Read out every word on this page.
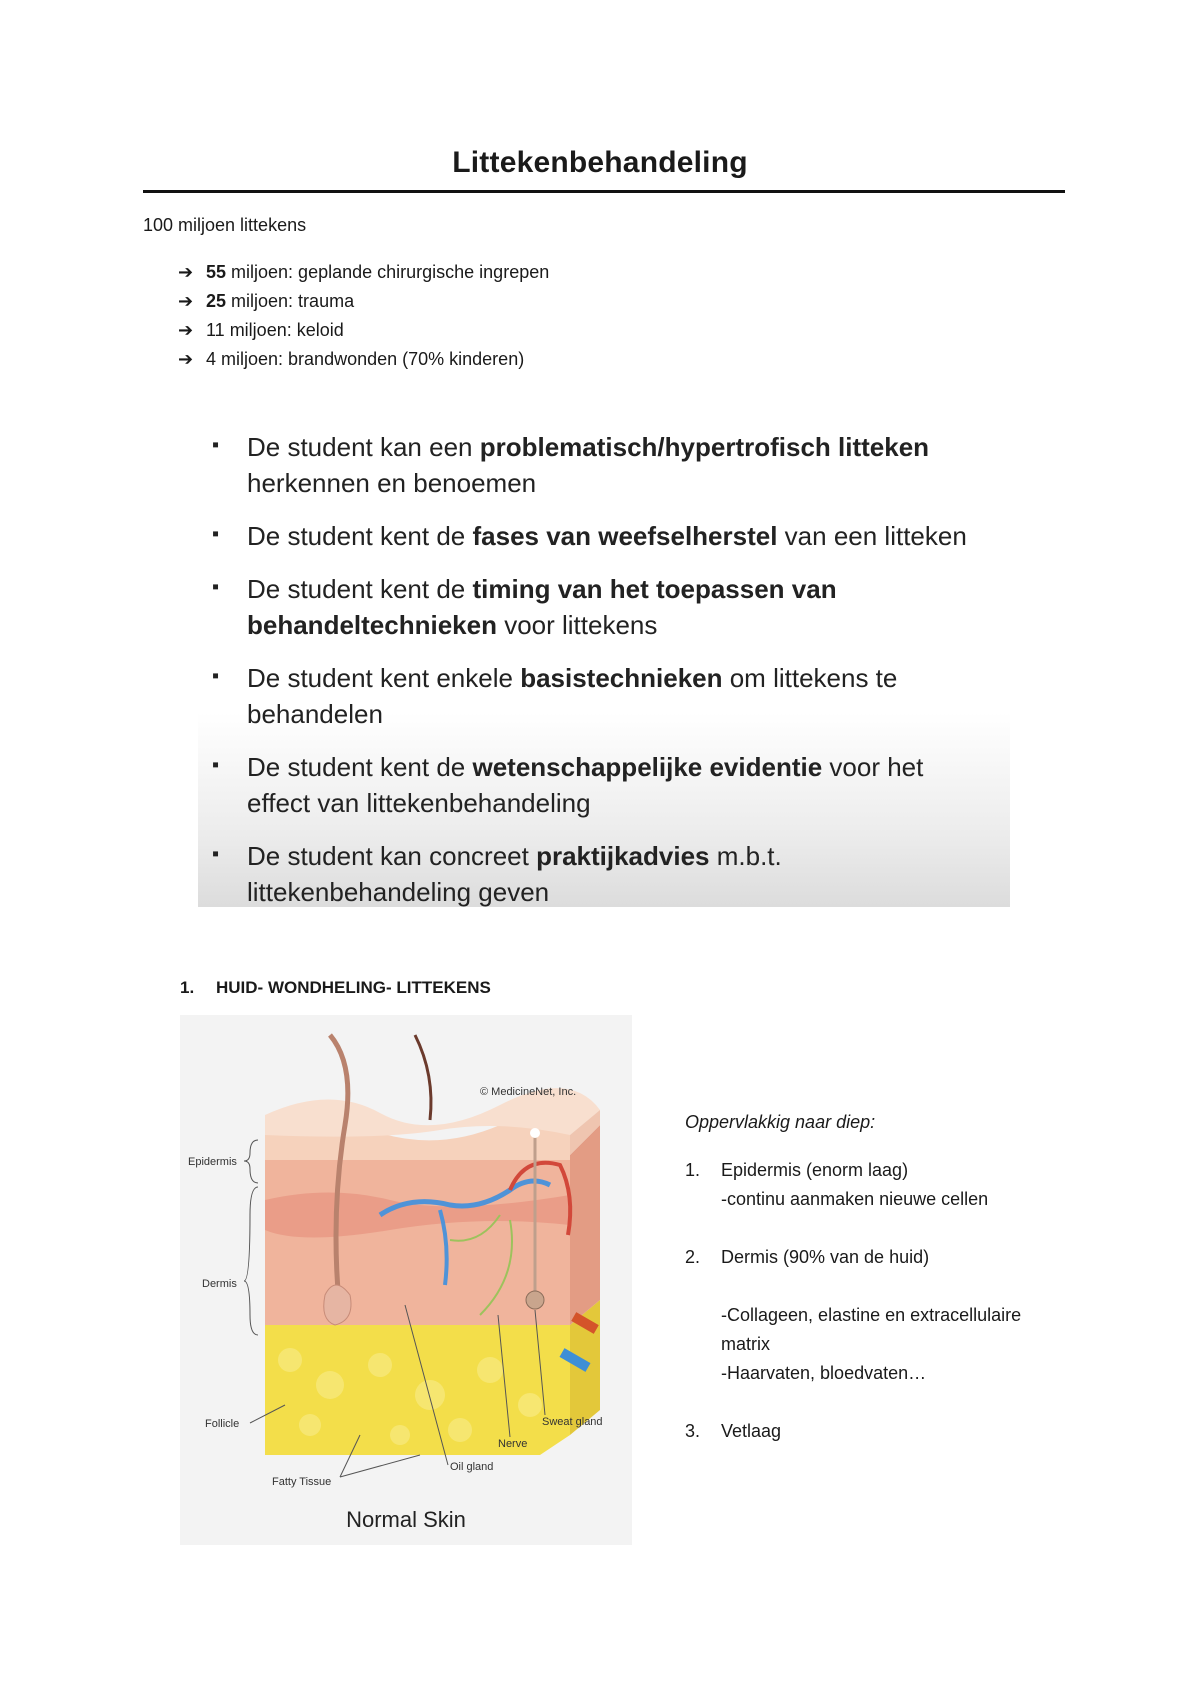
Littekenbehandeling
100 miljoen littekens
➔ 55 miljoen: geplande chirurgische ingrepen
➔ 25 miljoen: trauma
➔ 11 miljoen: keloid
➔ 4 miljoen: brandwonden (70% kinderen)
▪ De student kan een problematisch/hypertrofisch litteken herkennen en benoemen
▪ De student kent de fases van weefselherstel van een litteken
▪ De student kent de timing van het toepassen van behandeltechnieken voor littekens
▪ De student kent enkele basistechnieken om littekens te behandelen
▪ De student kent de wetenschappelijke evidentie voor het effect van littekenbehandeling
▪ De student kan concreet praktijkadvies m.b.t. littekenbehandeling geven
1. HUID- WONDHELING- LITTEKENS
© MedicineNet, Inc.
Epidermis
Dermis
Follicle
Fatty Tissue
Oil gland
Nerve
Sweat gland
Normal Skin
Oppervlakkig naar diep:
1. Epidermis (enorm laag)
-continu aanmaken nieuwe cellen
2. Dermis (90% van de huid)
-Collageen, elastine en extracellulaire
matrix
-Haarvaten, bloedvaten…
3. Vetlaag
